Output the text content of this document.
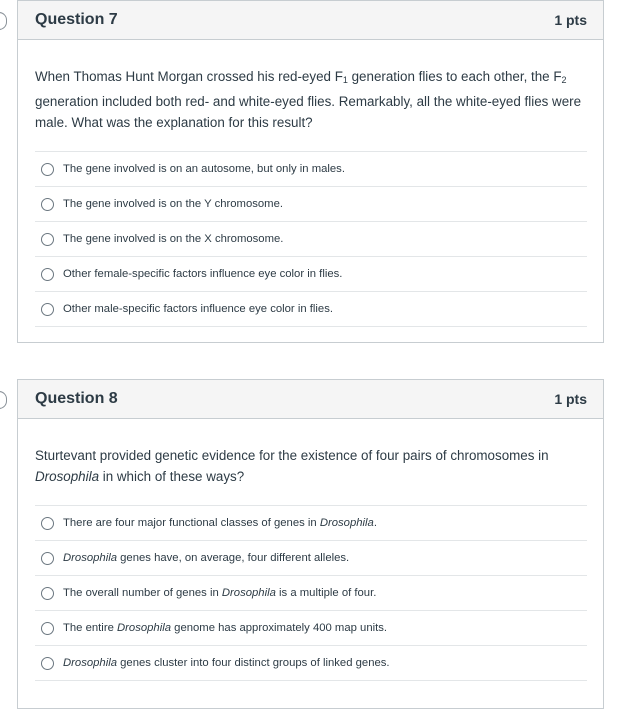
Question 7	1 pts
When Thomas Hunt Morgan crossed his red-eyed $F_1$ generation flies to each other, the $F_2$ generation included both red- and white-eyed flies. Remarkably, all the white-eyed flies were male. What was the explanation for this result?
The gene involved is on an autosome, but only in males.
The gene involved is on the Y chromosome.
The gene involved is on the X chromosome.
Other female-specific factors influence eye color in flies.
Other male-specific factors influence eye color in flies.
Question 8	1 pts
Sturtevant provided genetic evidence for the existence of four pairs of chromosomes in Drosophila in which of these ways?
There are four major functional classes of genes in Drosophila.
Drosophila genes have, on average, four different alleles.
The overall number of genes in Drosophila is a multiple of four.
The entire Drosophila genome has approximately 400 map units.
Drosophila genes cluster into four distinct groups of linked genes.
